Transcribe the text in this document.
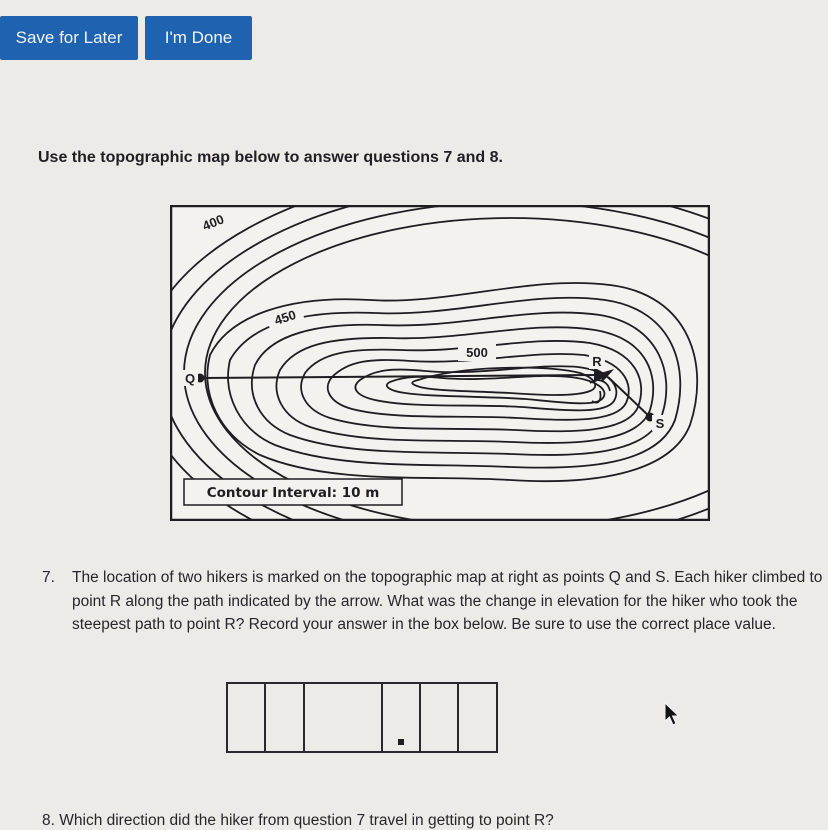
Save for Later	I'm Done
Use the topographic map below to answer questions 7 and 8.
400
450
500
Q
R
S
Contour Interval: 10 m
7. The location of two hikers is marked on the topographic map at right as points Q and S. Each hiker climbed to point R along the path indicated by the arrow. What was the change in elevation for the hiker who took the steepest path to point R? Record your answer in the box below. Be sure to use the correct place value.
8. Which direction did the hiker from question 7 travel in getting to point R?
